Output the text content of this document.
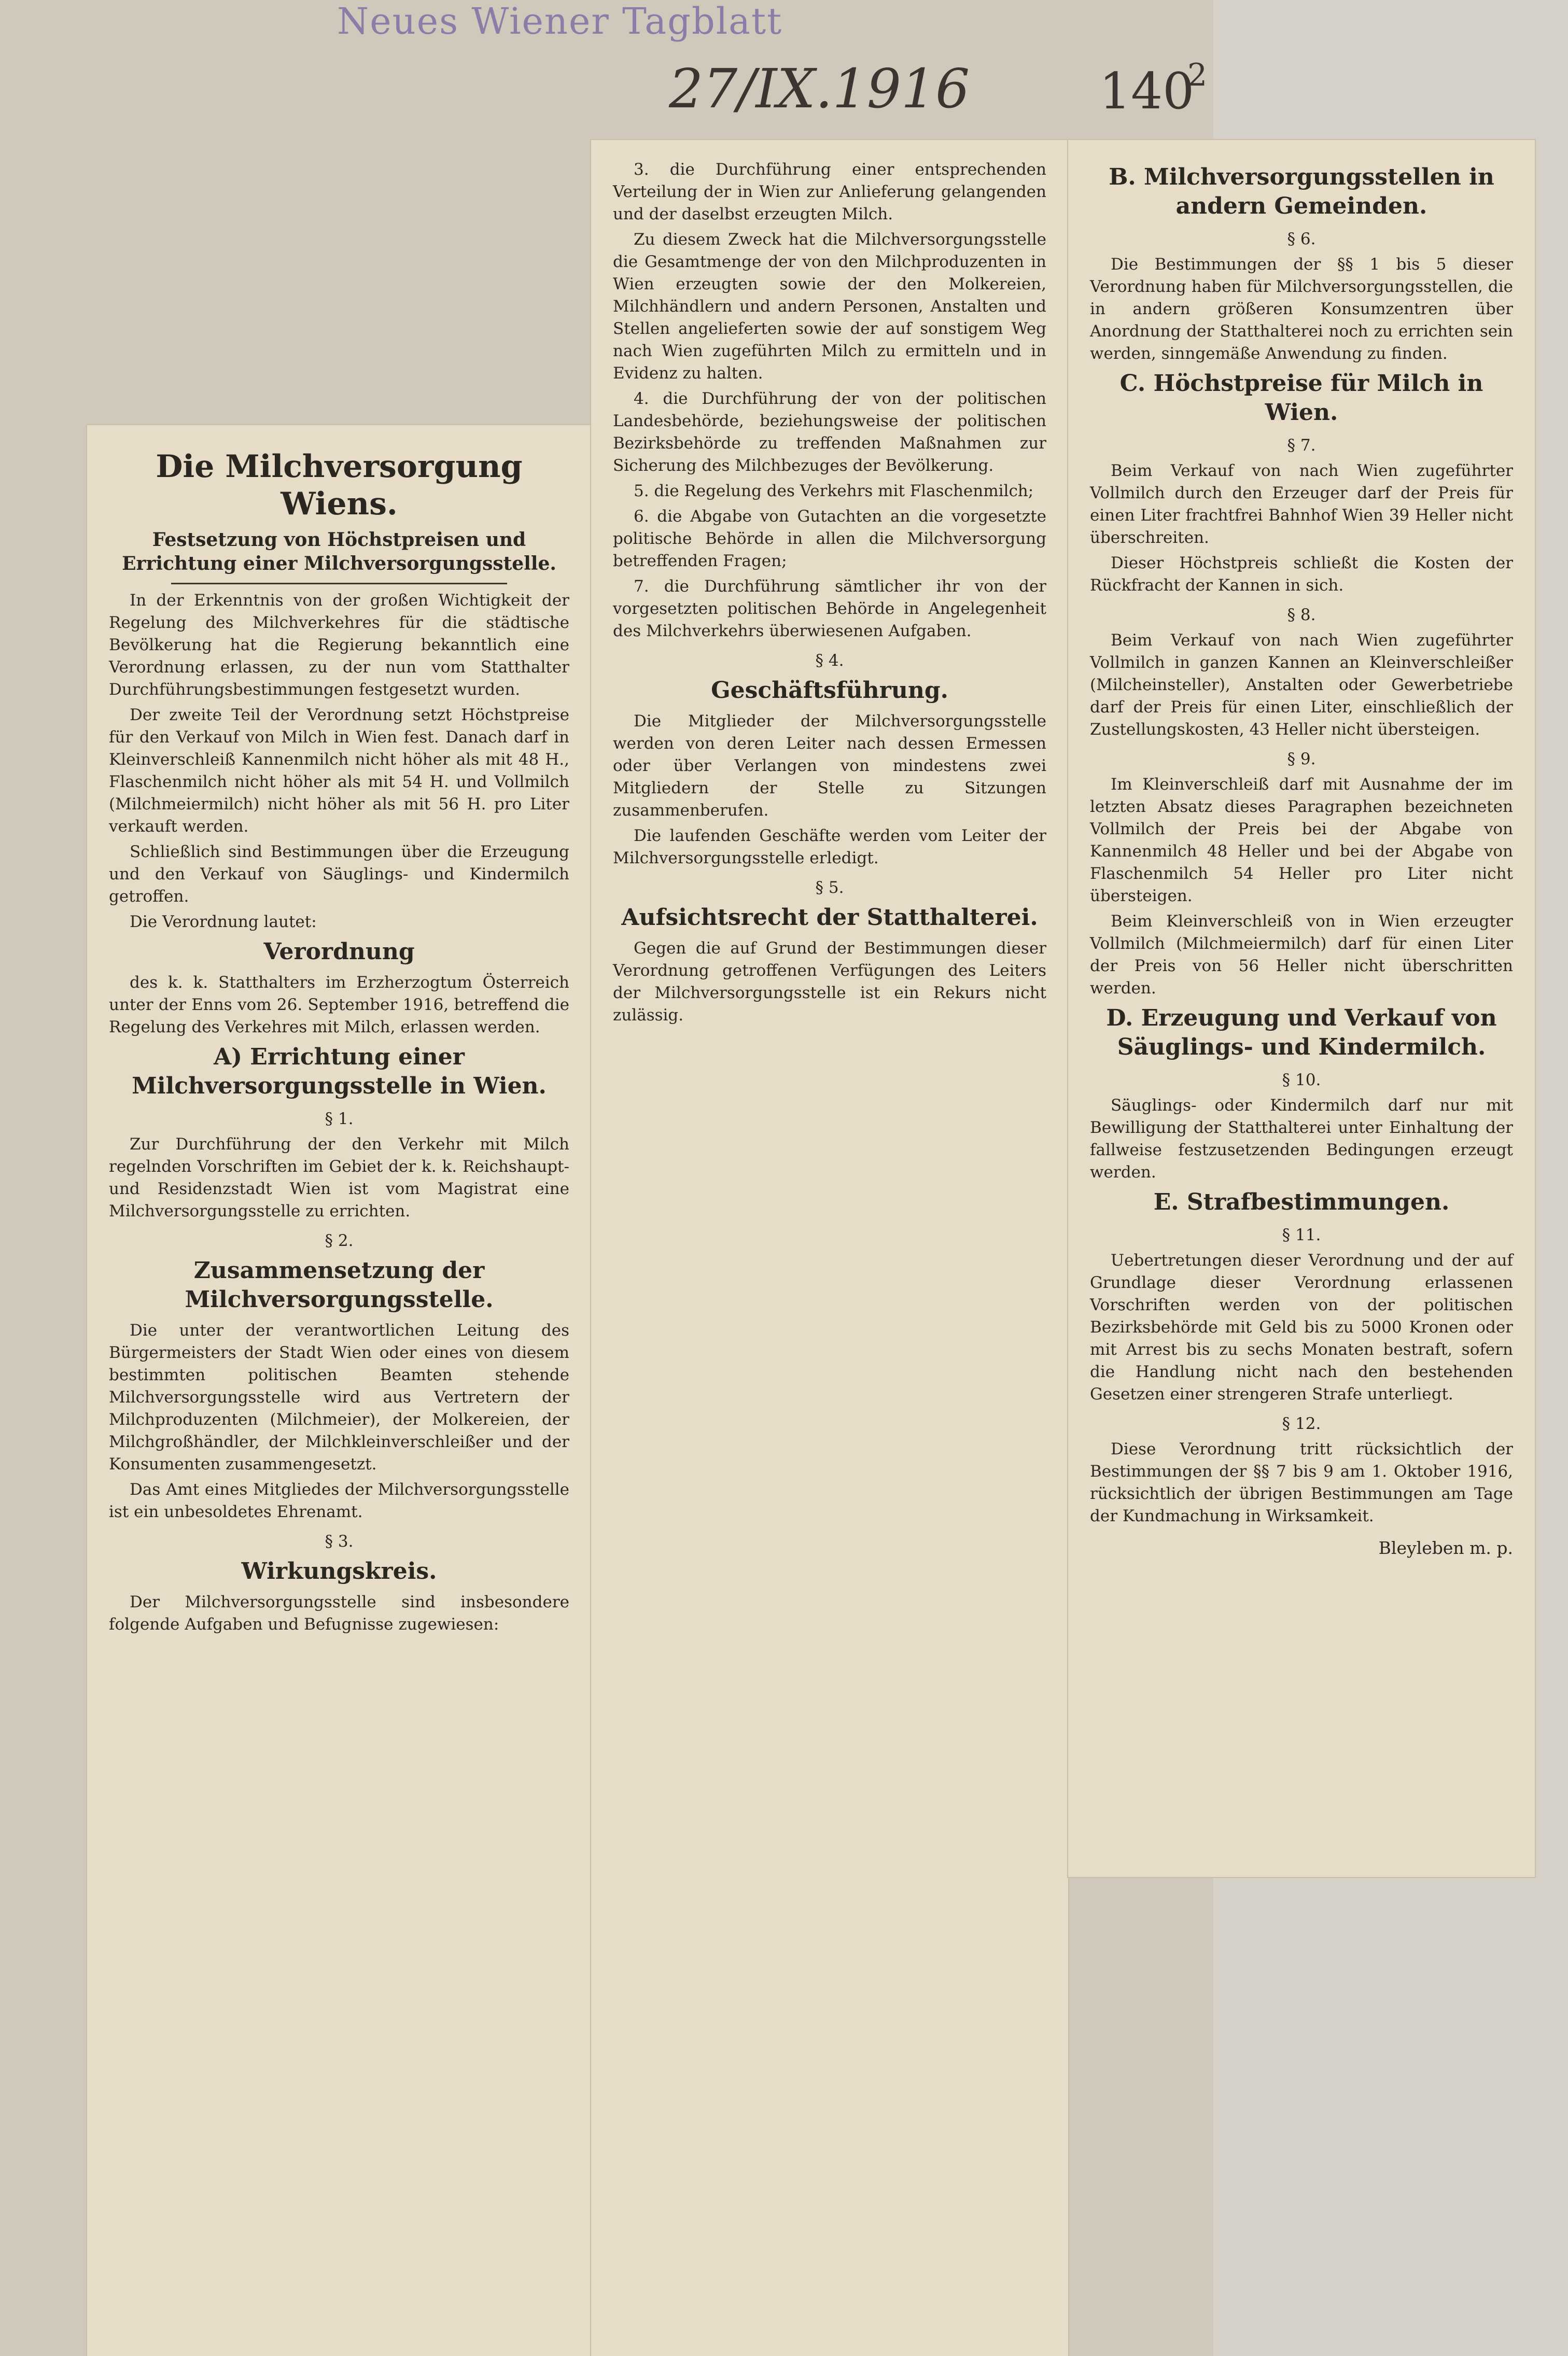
Neues Wiener Tagblatt
27/IX.1916	140
2
Die Milchversorgung Wiens.
Festsetzung von Höchstpreisen und Errichtung einer Milchversorgungsstelle.

In der Erkenntnis von der großen Wichtigkeit der Regelung des Milchverkehres für die städtische Bevölkerung hat die Regierung bekanntlich eine Verordnung erlassen, zu der nun vom Statthalter Durchführungsbestimmungen festgesetzt wurden.

Der zweite Teil der Verordnung setzt Höchstpreise für den Verkauf von Milch in Wien fest. Danach darf in Kleinverschleiß Kannenmilch nicht höher als mit 48 H., Flaschenmilch nicht höher als mit 54 H. und Vollmilch (Milchmeiermilch) nicht höher als mit 56 H. pro Liter verkauft werden.

Schließlich sind Bestimmungen über die Erzeugung und den Verkauf von Säuglings- und Kindermilch getroffen.

Die Verordnung lautet:

Verordnung

des k. k. Statthalters im Erzherzogtum Österreich unter der Enns vom 26. September 1916, betreffend die Regelung des Verkehres mit Milch, erlassen werden.

A) Errichtung einer Milchversorgungsstelle in Wien.
§ 1.

Zur Durchführung der den Verkehr mit Milch regelnden Vorschriften im Gebiet der k. k. Reichshaupt- und Residenzstadt Wien ist vom Magistrat eine Milchversorgungsstelle zu errichten.

§ 2.
Zusammensetzung der Milchversorgungsstelle.

Die unter der verantwortlichen Leitung des Bürgermeisters der Stadt Wien oder eines von diesem bestimmten politischen Beamten stehende Milchversorgungsstelle wird aus Vertretern der Milchproduzenten (Milchmeier), der Molkereien, der Milchgroßhändler, der Milchkleinverschleißer und der Konsumenten zusammengesetzt.

Das Amt eines Mitgliedes der Milchversorgungsstelle ist ein unbesoldetes Ehrenamt.

§ 3.
Wirkungskreis.

Der Milchversorgungsstelle sind insbesondere folgende Aufgaben und Befugnisse zugewiesen:

3. die Durchführung einer entsprechenden Verteilung der in Wien zur Anlieferung gelangenden und der daselbst erzeugten Milch.

Zu diesem Zweck hat die Milchversorgungsstelle die Gesamtmenge der von den Milchproduzenten in Wien erzeugten sowie der den Molkereien, Milchhändlern und andern Personen, Anstalten und Stellen angelieferten sowie der auf sonstigem Weg nach Wien zugeführten Milch zu ermitteln und in Evidenz zu halten.

4. die Durchführung der von der politischen Landesbehörde, beziehungsweise der politischen Bezirksbehörde zu treffenden Maßnahmen zur Sicherung des Milchbezuges der Bevölkerung.

5. die Regelung des Verkehrs mit Flaschenmilch;

6. die Abgabe von Gutachten an die vorgesetzte politische Behörde in allen die Milchversorgung betreffenden Fragen;

7. die Durchführung sämtlicher ihr von der vorgesetzten politischen Behörde in Angelegenheit des Milchverkehrs überwiesenen Aufgaben.

§ 4.
Geschäftsführung.

Die Mitglieder der Milchversorgungsstelle werden von deren Leiter nach dessen Ermessen oder über Verlangen von mindestens zwei Mitgliedern der Stelle zu Sitzungen zusammenberufen.

Die laufenden Geschäfte werden vom Leiter der Milchversorgungsstelle erledigt.

§ 5.
Aufsichtsrecht der Statthalterei.

Gegen die auf Grund der Bestimmungen dieser Verordnung getroffenen Verfügungen des Leiters der Milchversorgungsstelle ist ein Rekurs nicht zulässig.

B. Milchversorgungsstellen in andern Gemeinden.
§ 6.

Die Bestimmungen der §§ 1 bis 5 dieser Verordnung haben für Milchversorgungsstellen, die in andern größeren Konsumzentren über Anordnung der Statthalterei noch zu errichten sein werden, sinngemäße Anwendung zu finden.

C. Höchstpreise für Milch in Wien.
§ 7.

Beim Verkauf von nach Wien zugeführter Vollmilch durch den Erzeuger darf der Preis für einen Liter frachtfrei Bahnhof Wien 39 Heller nicht überschreiten.

Dieser Höchstpreis schließt die Kosten der Rückfracht der Kannen in sich.

§ 8.

Beim Verkauf von nach Wien zugeführter Vollmilch in ganzen Kannen an Kleinverschleißer (Milcheinsteller), Anstalten oder Gewerbetriebe darf der Preis für einen Liter, einschließlich der Zustellungskosten, 43 Heller nicht übersteigen.

§ 9.

Im Kleinverschleiß darf mit Ausnahme der im letzten Absatz dieses Paragraphen bezeichneten Vollmilch der Preis bei der Abgabe von Kannenmilch 48 Heller und bei der Abgabe von Flaschenmilch 54 Heller pro Liter nicht übersteigen.

Beim Kleinverschleiß von in Wien erzeugter Vollmilch (Milchmeiermilch) darf für einen Liter der Preis von 56 Heller nicht überschritten werden.

D. Erzeugung und Verkauf von Säuglings- und Kindermilch.
§ 10.

Säuglings- oder Kindermilch darf nur mit Bewilligung der Statthalterei unter Einhaltung der fallweise festzusetzenden Bedingungen erzeugt werden.

E. Strafbestimmungen.
§ 11.

Uebertretungen dieser Verordnung und der auf Grundlage dieser Verordnung erlassenen Vorschriften werden von der politischen Bezirksbehörde mit Geld bis zu 5000 Kronen oder mit Arrest bis zu sechs Monaten bestraft, sofern die Handlung nicht nach den bestehenden Gesetzen einer strengeren Strafe unterliegt.

§ 12.

Diese Verordnung tritt rücksichtlich der Bestimmungen der §§ 7 bis 9 am 1. Oktober 1916, rücksichtlich der übrigen Bestimmungen am Tage der Kundmachung in Wirksamkeit.

Bleyleben m. p.
